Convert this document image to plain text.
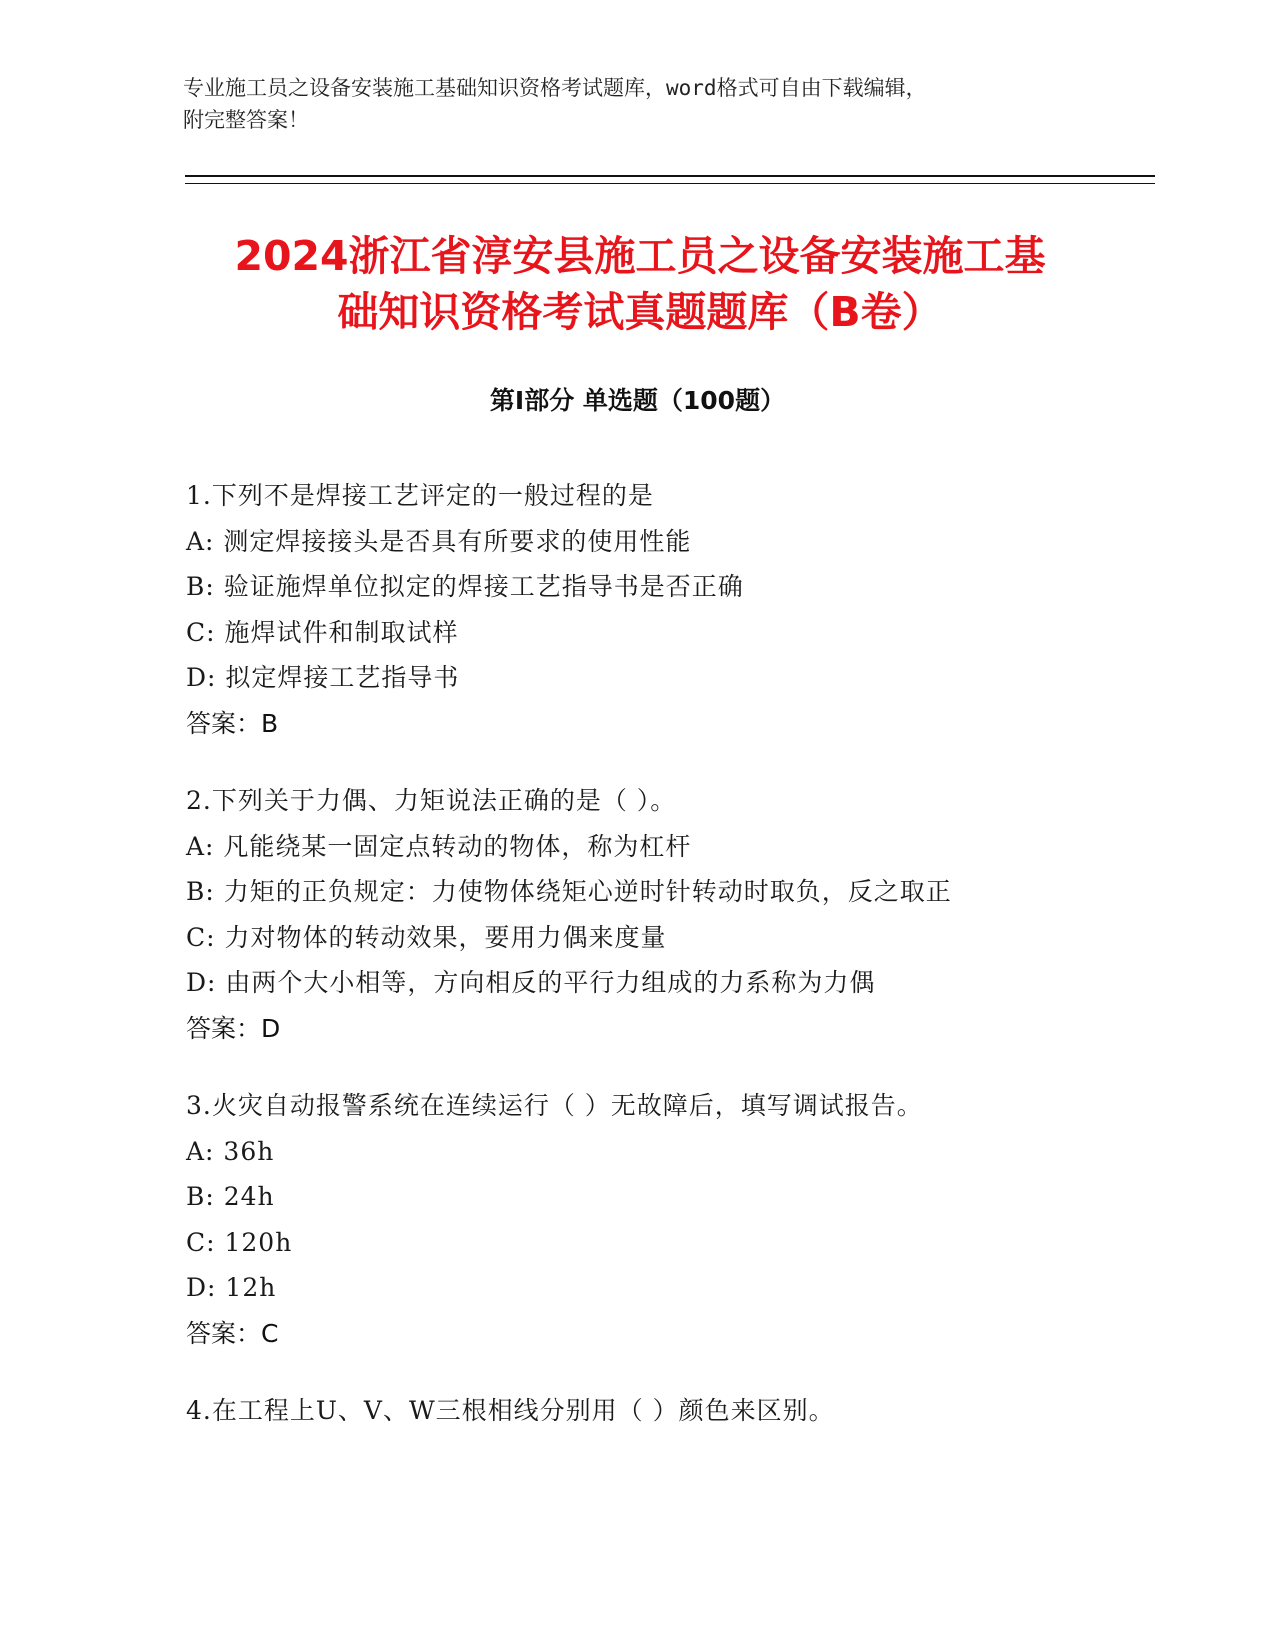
专业施工员之设备安装施工基础知识资格考试题库，word格式可自由下载编辑，
附完整答案！
2024浙江省淳安县施工员之设备安装施工基
础知识资格考试真题题库（B卷）
第Ⅰ部分 单选题（100题）
1.下列不是焊接工艺评定的一般过程的是
A: 测定焊接接头是否具有所要求的使用性能
B: 验证施焊单位拟定的焊接工艺指导书是否正确
C: 施焊试件和制取试样
D: 拟定焊接工艺指导书
答案：B
2.下列关于力偶、力矩说法正确的是（ ）。
A: 凡能绕某一固定点转动的物体，称为杠杆
B: 力矩的正负规定：力使物体绕矩心逆时针转动时取负，反之取正
C: 力对物体的转动效果，要用力偶来度量
D: 由两个大小相等，方向相反的平行力组成的力系称为力偶
答案：D
3.火灾自动报警系统在连续运行（ ）无故障后，填写调试报告。
A: 36h
B: 24h
C: 120h
D: 12h
答案：C
4.在工程上U、V、W三根相线分别用（ ）颜色来区别。
